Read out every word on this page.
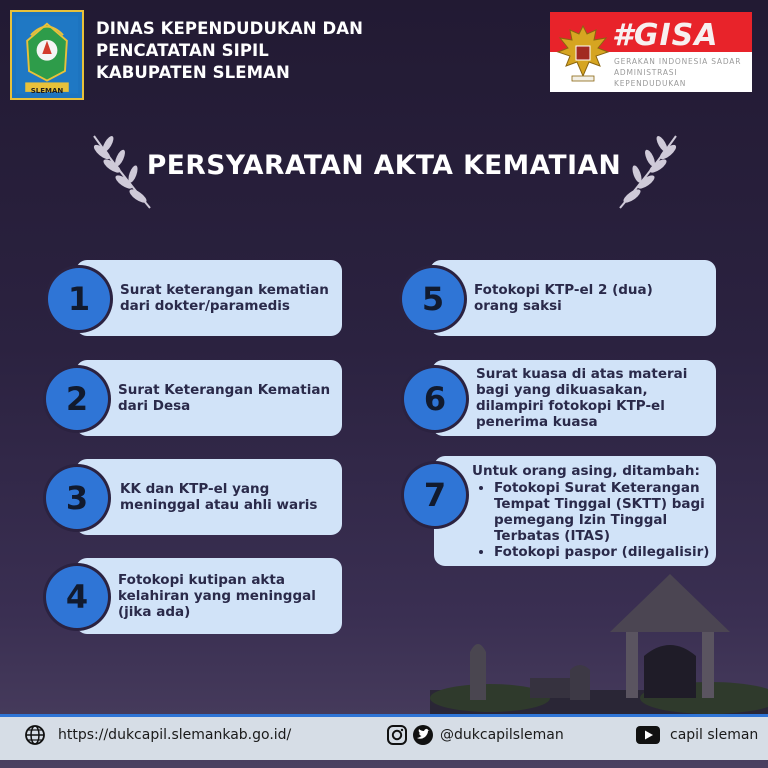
SLEMAN
DINAS KEPENDUDUKAN DAN
PENCATATAN SIPIL
KABUPATEN SLEMAN
#GISA
GERAKAN INDONESIA SADAR
ADMINISTRASI KEPENDUDUKAN
PERSYARATAN AKTA KEMATIAN
Surat keterangan kematian dari dokter/paramedis
1
Surat Keterangan Kematian dari Desa
2
KK dan KTP-el yang meninggal atau ahli waris
3
Fotokopi kutipan akta kelahiran yang meninggal (jika ada)
4
Fotokopi KTP-el 2 (dua) orang saksi
5
Surat kuasa di atas materai bagi yang dikuasakan, dilampiri fotokopi KTP-el penerima kuasa
6
Untuk orang asing, ditambah:
• Fotokopi Surat Keterangan Tempat Tinggal (SKTT) bagi pemegang Izin Tinggal Terbatas (ITAS)
• Fotokopi paspor (dilegalisir)
7
https://dukcapil.slemankab.go.id/	@dukcapilsleman	capil sleman
